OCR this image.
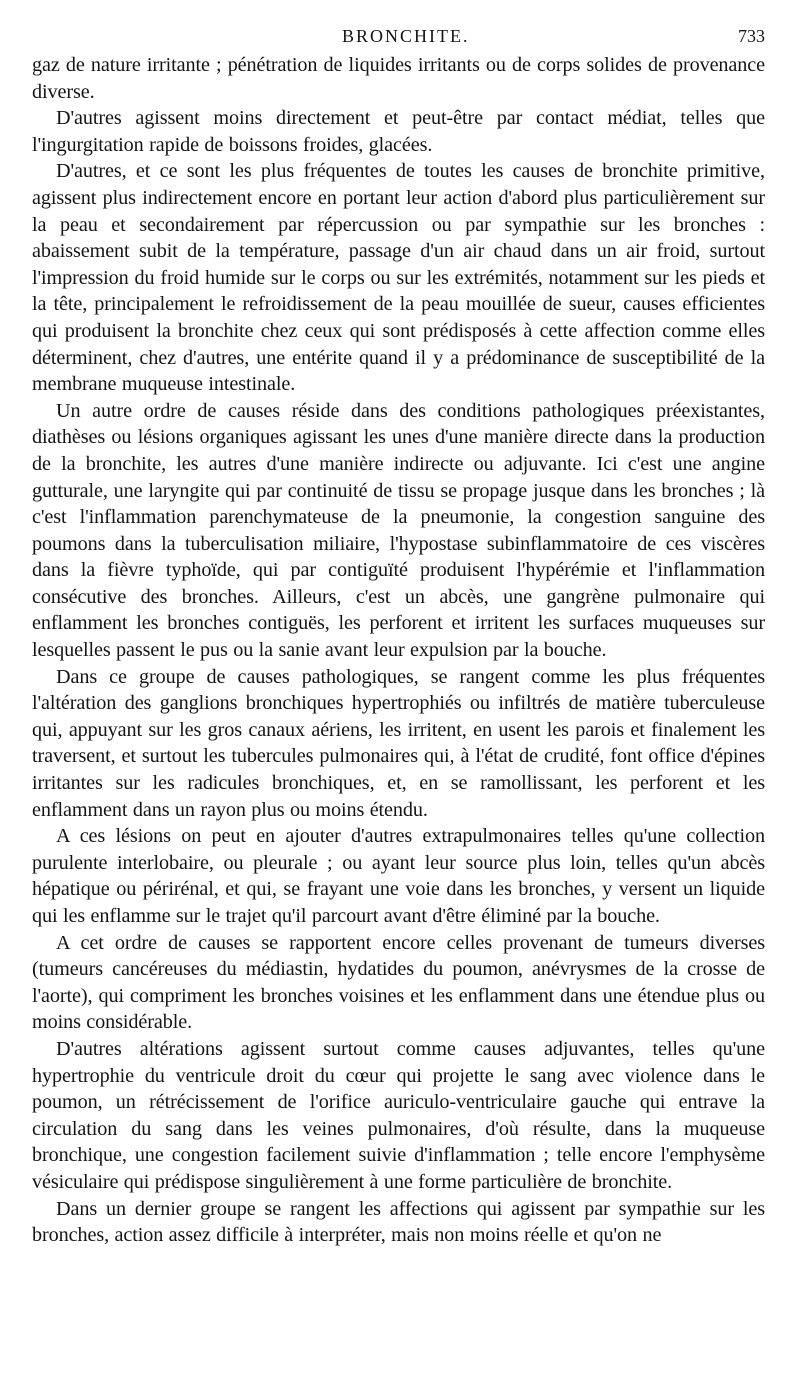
BRONCHITE.	733

gaz de nature irritante ; pénétration de liquides irritants ou de corps solides de provenance diverse.

D'autres agissent moins directement et peut-être par contact médiat, telles que l'ingurgitation rapide de boissons froides, glacées.

D'autres, et ce sont les plus fréquentes de toutes les causes de bronchite primitive, agissent plus indirectement encore en portant leur action d'abord plus particulièrement sur la peau et secondairement par répercussion ou par sympathie sur les bronches : abaissement subit de la température, passage d'un air chaud dans un air froid, surtout l'impression du froid humide sur le corps ou sur les extrémités, notamment sur les pieds et la tête, principalement le refroidissement de la peau mouillée de sueur, causes efficientes qui produisent la bronchite chez ceux qui sont prédisposés à cette affection comme elles déterminent, chez d'autres, une entérite quand il y a prédominance de susceptibilité de la membrane muqueuse intestinale.

Un autre ordre de causes réside dans des conditions pathologiques préexistantes, diathèses ou lésions organiques agissant les unes d'une manière directe dans la production de la bronchite, les autres d'une manière indirecte ou adjuvante. Ici c'est une angine gutturale, une laryngite qui par continuité de tissu se propage jusque dans les bronches ; là c'est l'inflammation parenchymateuse de la pneumonie, la congestion sanguine des poumons dans la tuberculisation miliaire, l'hypostase subinflammatoire de ces viscères dans la fièvre typhoïde, qui par contiguïté produisent l'hypérémie et l'inflammation consécutive des bronches. Ailleurs, c'est un abcès, une gangrène pulmonaire qui enflamment les bronches contiguës, les perforent et irritent les surfaces muqueuses sur lesquelles passent le pus ou la sanie avant leur expulsion par la bouche.

Dans ce groupe de causes pathologiques, se rangent comme les plus fréquentes l'altération des ganglions bronchiques hypertrophiés ou infiltrés de matière tuberculeuse qui, appuyant sur les gros canaux aériens, les irritent, en usent les parois et finalement les traversent, et surtout les tubercules pulmonaires qui, à l'état de crudité, font office d'épines irritantes sur les radicules bronchiques, et, en se ramollissant, les perforent et les enflamment dans un rayon plus ou moins étendu.

A ces lésions on peut en ajouter d'autres extrapulmonaires telles qu'une collection purulente interlobaire, ou pleurale ; ou ayant leur source plus loin, telles qu'un abcès hépatique ou périrénal, et qui, se frayant une voie dans les bronches, y versent un liquide qui les enflamme sur le trajet qu'il parcourt avant d'être éliminé par la bouche.

A cet ordre de causes se rapportent encore celles provenant de tumeurs diverses (tumeurs cancéreuses du médiastin, hydatides du poumon, anévrysmes de la crosse de l'aorte), qui compriment les bronches voisines et les enflamment dans une étendue plus ou moins considérable.

D'autres altérations agissent surtout comme causes adjuvantes, telles qu'une hypertrophie du ventricule droit du cœur qui projette le sang avec violence dans le poumon, un rétrécissement de l'orifice auriculo-ventriculaire gauche qui entrave la circulation du sang dans les veines pulmonaires, d'où résulte, dans la muqueuse bronchique, une congestion facilement suivie d'inflammation ; telle encore l'emphysème vésiculaire qui prédispose singulièrement à une forme particulière de bronchite.

Dans un dernier groupe se rangent les affections qui agissent par sympathie sur les bronches, action assez difficile à interpréter, mais non moins réelle et qu'on ne
